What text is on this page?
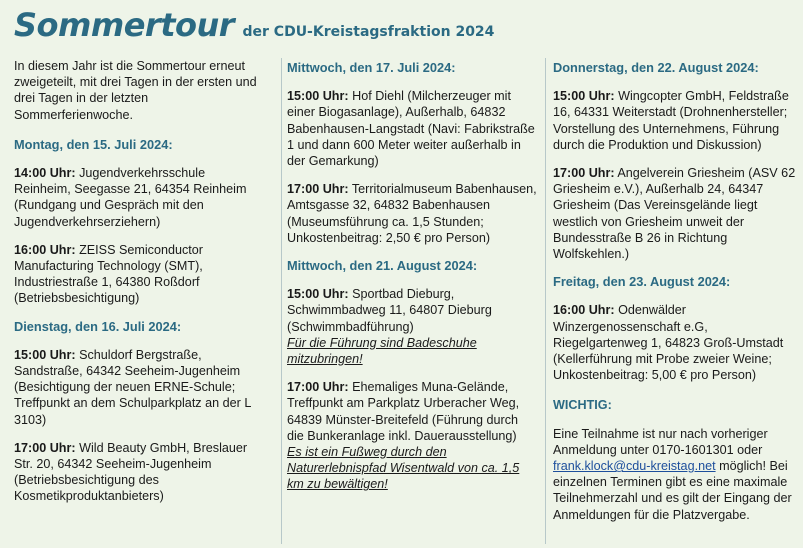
Sommertour der CDU-Kreistagsfraktion 2024

In diesem Jahr ist die Sommertour erneut zweigeteilt, mit drei Tagen in der ersten und drei Tagen in der letzten Sommerferienwoche.

Montag, den 15. Juli 2024:

14:00 Uhr: Jugendverkehrsschule Reinheim, Seegasse 21, 64354 Reinheim (Rundgang und Gespräch mit den Jugendverkehrserziehern)

16:00 Uhr: ZEISS Semiconductor Manufacturing Technology (SMT), Industriestraße 1, 64380 Roßdorf (Betriebsbesichtigung)

Dienstag, den 16. Juli 2024:

15:00 Uhr: Schuldorf Bergstraße, Sandstraße, 64342 Seeheim-Jugenheim (Besichtigung der neuen ERNE-Schule; Treffpunkt an dem Schulparkplatz an der L 3103)

17:00 Uhr: Wild Beauty GmbH, Breslauer Str. 20, 64342 Seeheim-Jugenheim (Betriebsbesichtigung des Kosmetikproduktanbieters)

Mittwoch, den 17. Juli 2024:

15:00 Uhr: Hof Diehl (Milcherzeuger mit einer Biogasanlage), Außerhalb, 64832 Babenhausen-Langstadt (Navi: Fabrikstraße 1 und dann 600 Meter weiter außerhalb in der Gemarkung)

17:00 Uhr: Territorialmuseum Babenhausen, Amtsgasse 32, 64832 Babenhausen (Museumsführung ca. 1,5 Stunden; Unkostenbeitrag: 2,50 € pro Person)

Mittwoch, den 21. August 2024:

15:00 Uhr: Sportbad Dieburg, Schwimmbadweg 11, 64807 Dieburg (Schwimmbadführung)
Für die Führung sind Badeschuhe mitzubringen!

17:00 Uhr: Ehemaliges Muna-Gelände, Treffpunkt am Parkplatz Urberacher Weg, 64839 Münster-Breitefeld (Führung durch die Bunkeranlage inkl. Dauerausstellung)
Es ist ein Fußweg durch den Naturerlebnispfad Wisentwald von ca. 1,5 km zu bewältigen!

Donnerstag, den 22. August 2024:

15:00 Uhr: Wingcopter GmbH, Feldstraße 16, 64331 Weiterstadt (Drohnenhersteller; Vorstellung des Unternehmens, Führung durch die Produktion und Diskussion)

17:00 Uhr: Angelverein Griesheim (ASV 62 Griesheim e.V.), Außerhalb 24, 64347 Griesheim (Das Vereinsgelände liegt westlich von Griesheim unweit der Bundesstraße B 26 in Richtung Wolfskehlen.)

Freitag, den 23. August 2024:

16:00 Uhr: Odenwälder Winzergenossenschaft e.G, Riegelgartenweg 1, 64823 Groß-Umstadt (Kellerführung mit Probe zweier Weine; Unkostenbeitrag: 5,00 € pro Person)

WICHTIG:

Eine Teilnahme ist nur nach vorheriger Anmeldung unter 0170-1601301 oder frank.klock@cdu-kreistag.net möglich! Bei einzelnen Terminen gibt es eine maximale Teilnehmerzahl und es gilt der Eingang der Anmeldungen für die Platzvergabe.
